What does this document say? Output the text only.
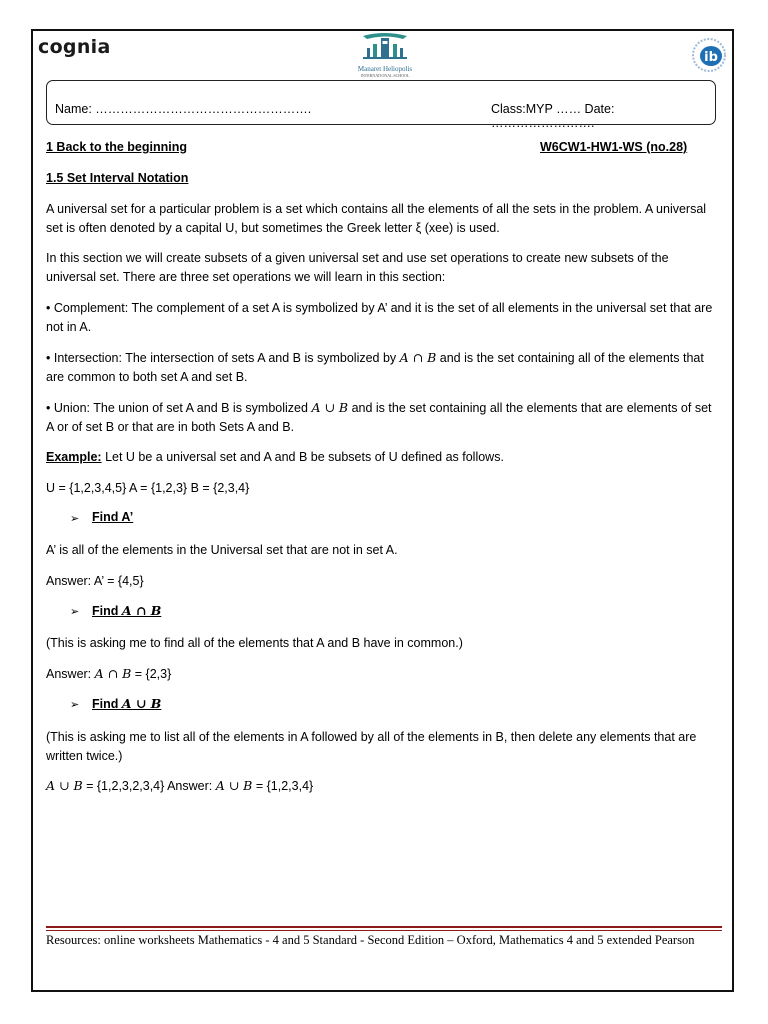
cognia
Manaret Heliopolis
INTERNATIONAL SCHOOL
ib
Name: …………………………………………….	Class:MYP …… Date: …………………….
1 Back to the beginning	W6CW1-HW1-WS (no.28)
1.5 Set Interval Notation
A universal set for a particular problem is a set which contains all the elements of all the sets in the problem. A universal set is often denoted by a capital U, but sometimes the Greek letter ξ (xee) is used.
In this section we will create subsets of a given universal set and use set operations to create new subsets of the universal set. There are three set operations we will learn in this section:
• Complement: The complement of a set A is symbolized by A’ and it is the set of all elements in the universal set that are not in A.
• Intersection: The intersection of sets A and B is symbolized by A ∩ B and is the set containing all of the elements that are common to both set A and set B.
• Union: The union of set A and B is symbolized A ∪ B and is the set containing all the elements that are elements of set A or of set B or that are in both Sets A and B.
Example: Let U be a universal set and A and B be subsets of U defined as follows.
U = {1,2,3,4,5} A = {1,2,3} B = {2,3,4}
➢ Find A’
A’ is all of the elements in the Universal set that are not in set A.
Answer: A’ = {4,5}
➢ Find A ∩ B
(This is asking me to find all of the elements that A and B have in common.)
Answer: A ∩ B = {2,3}
➢ Find A ∪ B
(This is asking me to list all of the elements in A followed by all of the elements in B, then delete any elements that are written twice.)
A ∪ B = {1,2,3,2,3,4} Answer: A ∪ B = {1,2,3,4}
Resources: online worksheets Mathematics - 4 and 5 Standard - Second Edition – Oxford, Mathematics 4 and 5 extended Pearson
